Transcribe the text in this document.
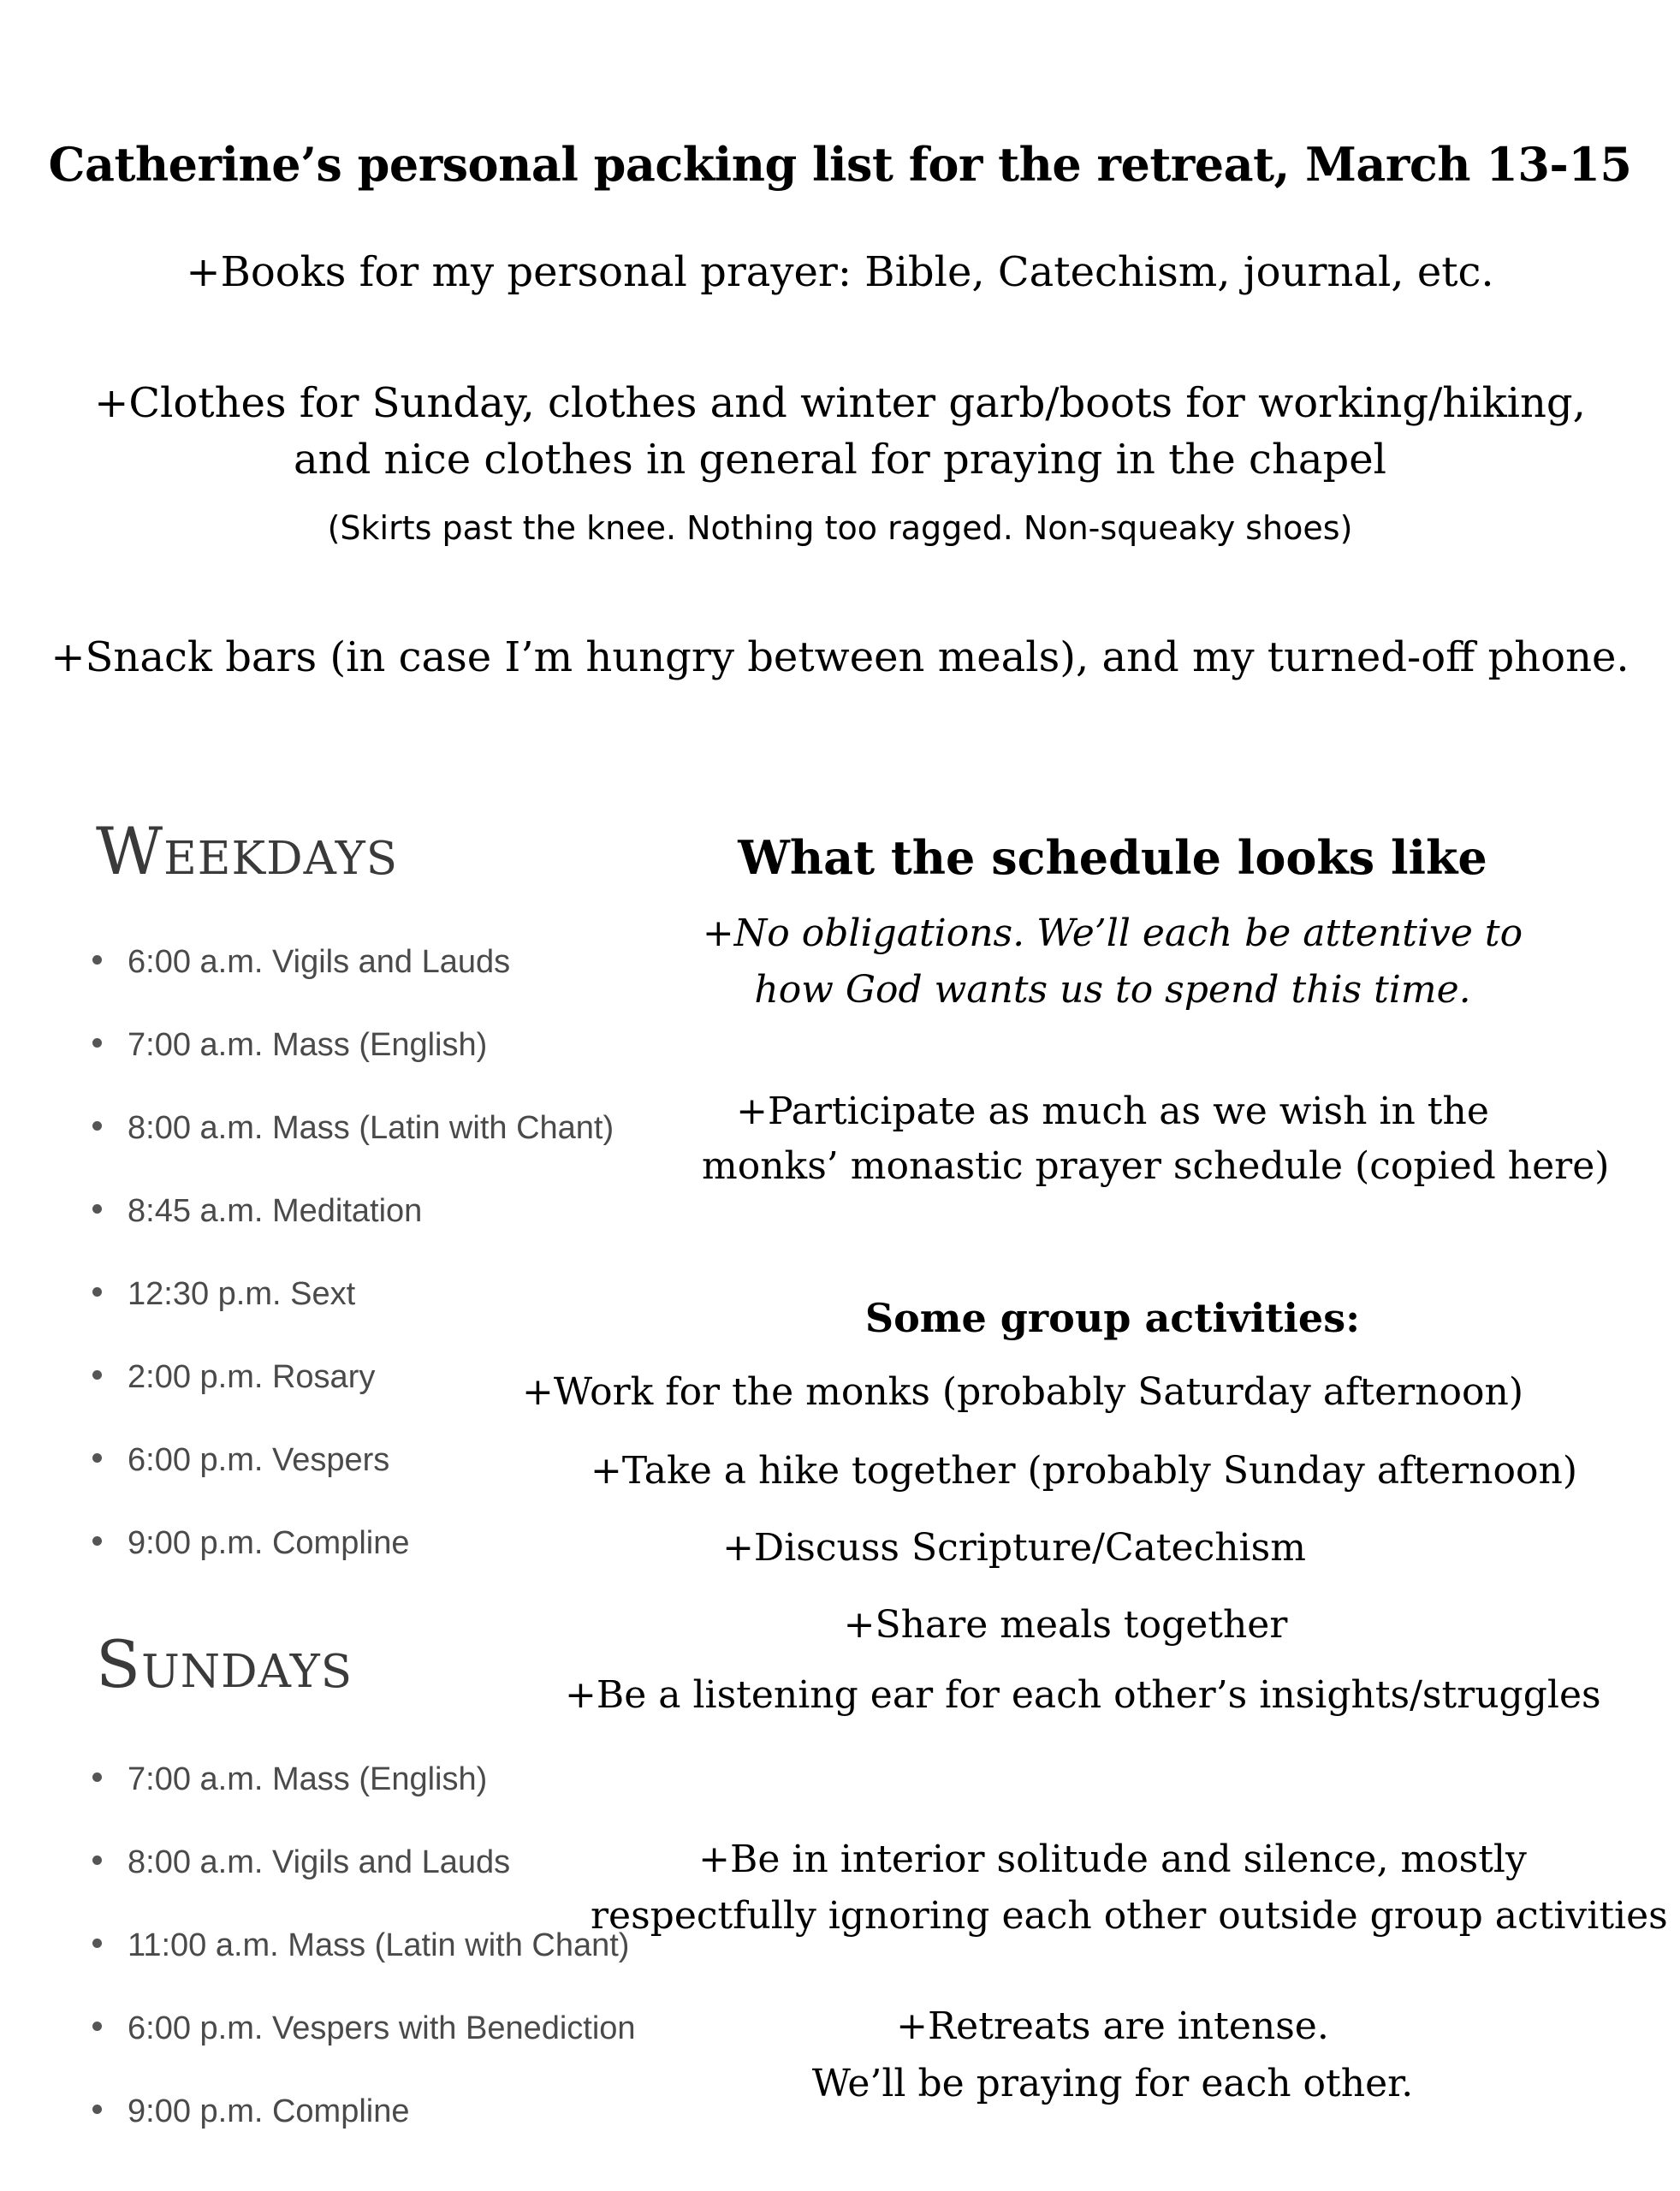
Catherine’s personal packing list for the retreat, March 13-15
+Books for my personal prayer: Bible, Catechism, journal, etc.
+Clothes for Sunday, clothes and winter garb/boots for working/hiking,
and nice clothes in general for praying in the chapel
(Skirts past the knee. Nothing too ragged. Non-squeaky shoes)
+Snack bars (in case I’m hungry between meals), and my turned-off phone.
Weekdays
6:00 a.m. Vigils and Lauds
7:00 a.m. Mass (English)
8:00 a.m. Mass (Latin with Chant)
8:45 a.m. Meditation
12:30 p.m. Sext
2:00 p.m. Rosary
6:00 p.m. Vespers
9:00 p.m. Compline
Sundays
7:00 a.m. Mass (English)
8:00 a.m. Vigils and Lauds
11:00 a.m. Mass (Latin with Chant)
6:00 p.m. Vespers with Benediction
9:00 p.m. Compline
What the schedule looks like
+No obligations. We’ll each be attentive to
how God wants us to spend this time.
+Participate as much as we wish in the
monks’ monastic prayer schedule (copied here)
Some group activities:
+Work for the monks (probably Saturday afternoon)
+Take a hike together (probably Sunday afternoon)
+Discuss Scripture/Catechism
+Share meals together
+Be a listening ear for each other’s insights/struggles
+Be in interior solitude and silence, mostly
respectfully ignoring each other outside group activities
+Retreats are intense.
We’ll be praying for each other.
